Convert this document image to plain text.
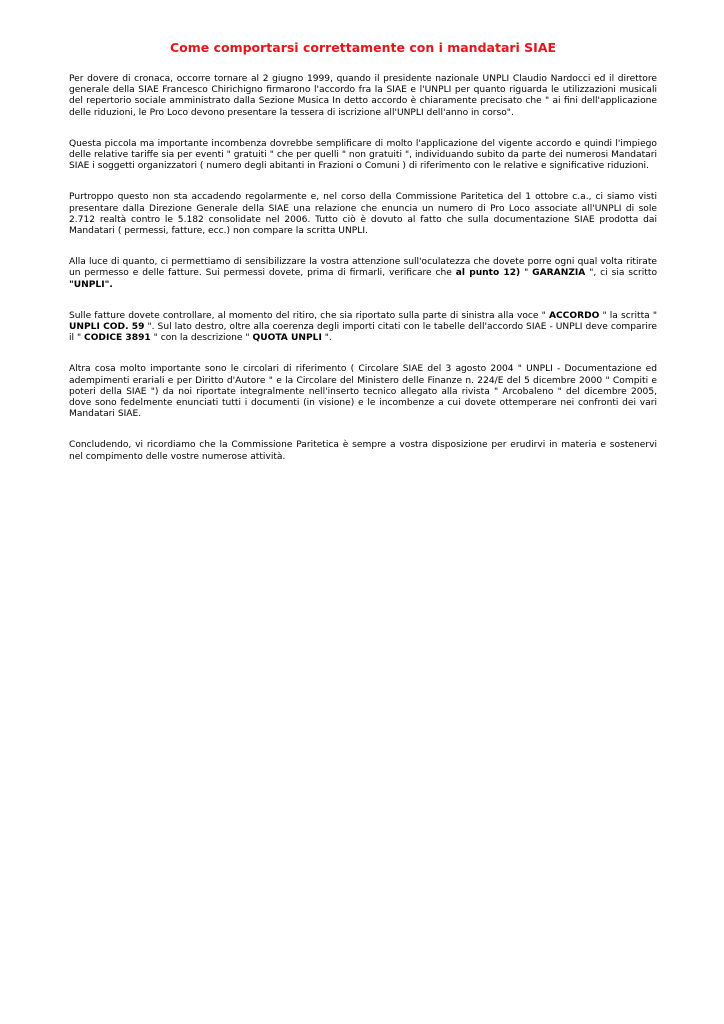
Come comportarsi correttamente con i mandatari SIAE

Per dovere di cronaca, occorre tornare al 2 giugno 1999, quando il presidente nazionale UNPLI Claudio Nardocci ed il direttore generale della SIAE Francesco Chirichigno firmarono l'accordo fra la SIAE e l'UNPLI per quanto riguarda le utilizzazioni musicali del repertorio sociale amministrato dalla Sezione Musica In detto accordo è chiaramente precisato che " ai fini dell'applicazione delle riduzioni, le Pro Loco devono presentare la tessera di iscrizione all'UNPLI dell'anno in corso".

Questa piccola ma importante incombenza dovrebbe semplificare di molto l'applicazione del vigente accordo e quindi l'impiego delle relative tariffe sia per eventi " gratuiti " che per quelli " non gratuiti ", individuando subito da parte dei numerosi Mandatari SIAE i soggetti organizzatori ( numero degli abitanti in Frazioni o Comuni ) di riferimento con le relative e significative riduzioni.

Purtroppo questo non sta accadendo regolarmente e, nel corso della Commissione Paritetica del 1 ottobre c.a., ci siamo visti presentare dalla Direzione Generale della SIAE una relazione che enuncia un numero di Pro Loco associate all'UNPLI di sole 2.712 realtà contro le 5.182 consolidate nel 2006. Tutto ciò è dovuto al fatto che sulla documentazione SIAE prodotta dai Mandatari ( permessi, fatture, ecc.) non compare la scritta UNPLI.

Alla luce di quanto, ci permettiamo di sensibilizzare la vostra attenzione sull'oculatezza che dovete porre ogni qual volta ritirate un permesso e delle fatture. Sui permessi dovete, prima di firmarli, verificare che al punto 12) " GARANZIA ", ci sia scritto "UNPLI".

Sulle fatture dovete controllare, al momento del ritiro, che sia riportato sulla parte di sinistra alla voce " ACCORDO " la scritta " UNPLI COD. 59 ". Sul lato destro, oltre alla coerenza degli importi citati con le tabelle dell'accordo SIAE - UNPLI deve comparire il " CODICE 3891 " con la descrizione " QUOTA UNPLI ".

Altra cosa molto importante sono le circolari di riferimento ( Circolare SIAE del 3 agosto 2004 " UNPLI - Documentazione ed adempimenti erariali e per Diritto d'Autore " e la Circolare del Ministero delle Finanze n. 224/E del 5 dicembre 2000 " Compiti e poteri della SIAE ") da noi riportate integralmente nell'inserto tecnico allegato alla rivista " Arcobaleno " del dicembre 2005, dove sono fedelmente enunciati tutti i documenti (in visione) e le incombenze a cui dovete ottemperare nei confronti dei vari Mandatari SIAE.

Concludendo, vi ricordiamo che la Commissione Paritetica è sempre a vostra disposizione per erudirvi in materia e sostenervi nel compimento delle vostre numerose attività.
